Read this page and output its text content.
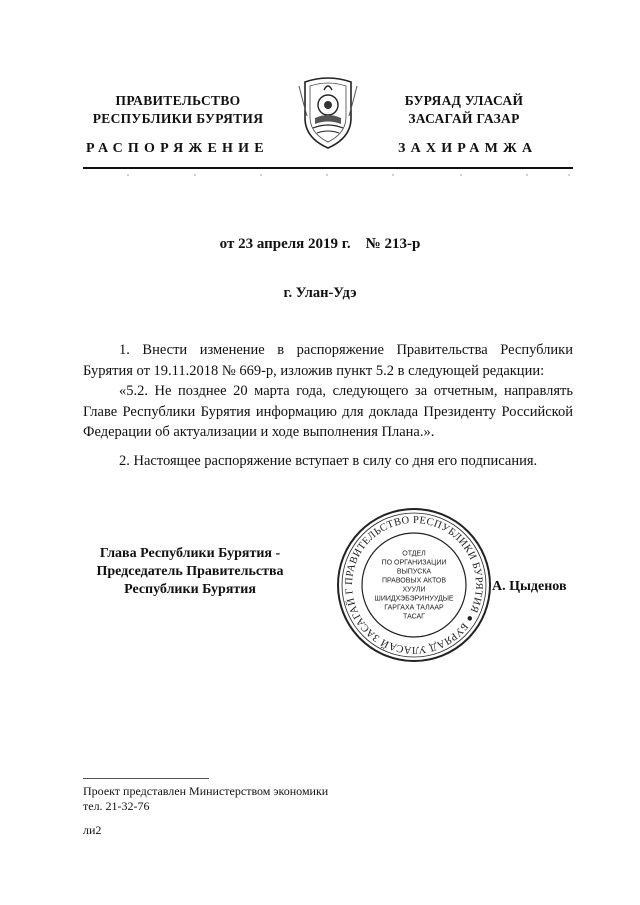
ПРАВИТЕЛЬСТВО
РЕСПУБЛИКИ БУРЯТИЯ
РАСПОРЯЖЕНИЕ
БУРЯАД УЛАСАЙ
ЗАСАГАЙ ГАЗАР
ЗАХИРАМЖА
от 23 апреля 2019 г.    № 213-р
г. Улан-Удэ
1. Внести изменение в распоряжение Правительства Республики Бурятия от 19.11.2018 № 669-р, изложив пункт 5.2 в следующей редакции:
«5.2. Не позднее 20 марта года, следующего за отчетным, направлять Главе Республики Бурятия информацию для доклада Президенту Российской Федерации об актуализации и ходе выполнения Плана.».
2. Настоящее распоряжение вступает в силу со дня его подписания.
Глава Республики Бурятия -
Председатель Правительства
Республики Бурятия	А. Цыденов
ПРАВИТЕЛЬСТВО РЕСПУБЛИКИ БУРЯТИЯ ● БУРЯАД УЛАСАЙ ЗАСАГАЙ Г
ОТДЕЛ
ПО ОРГАНИЗАЦИИ
ВЫПУСКА
ПРАВОВЫХ АКТОВ
ХУУЛИ
ШИИДХЭБЭРИНУУДЫЕ
ГАРГАХА ТАЛААР
ТАСАГ
Проект представлен Министерством экономики
тел. 21-32-76
ли2
